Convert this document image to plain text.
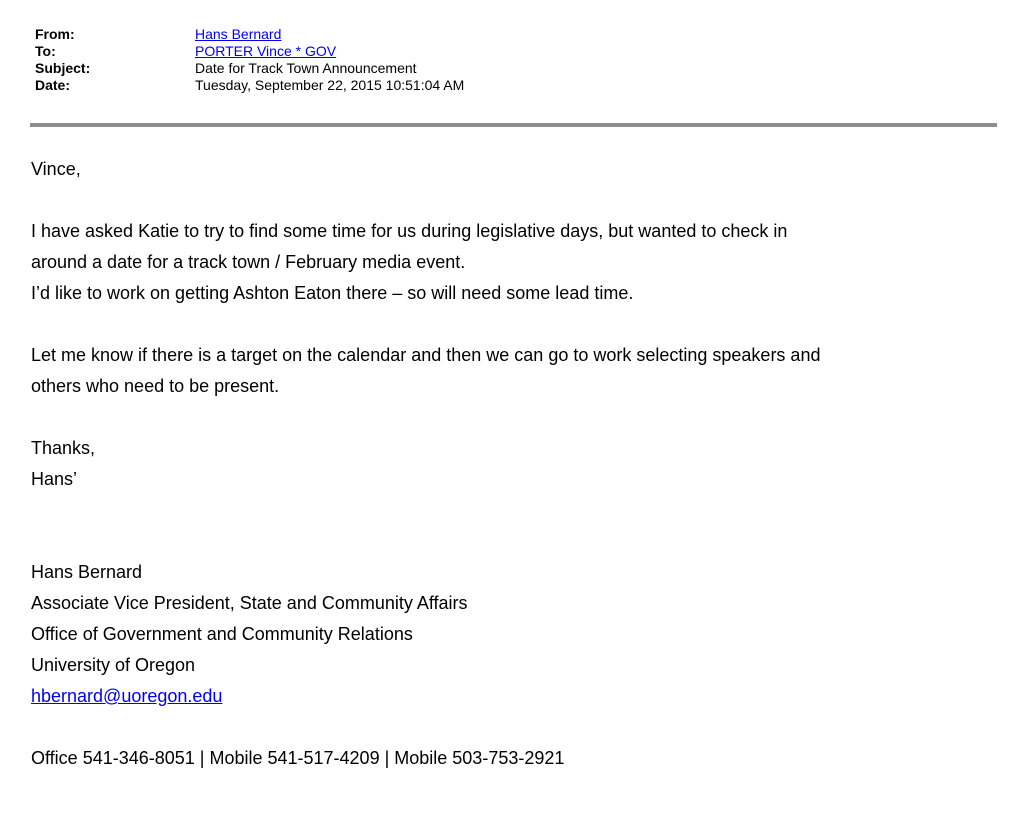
From:	Hans Bernard
To:	PORTER Vince * GOV
Subject:	Date for Track Town Announcement
Date:	Tuesday, September 22, 2015 10:51:04 AM
Vince,
I have asked Katie to try to find some time for us during legislative days, but wanted to check in
around a date for a track town / February media event.
I’d like to work on getting Ashton Eaton there – so will need some lead time.
Let me know if there is a target on the calendar and then we can go to work selecting speakers and
others who need to be present.
Thanks,
Hans’
Hans Bernard
Associate Vice President, State and Community Affairs
Office of Government and Community Relations
University of Oregon
hbernard@uoregon.edu
Office 541-346-8051 | Mobile 541-517-4209 | Mobile 503-753-2921
